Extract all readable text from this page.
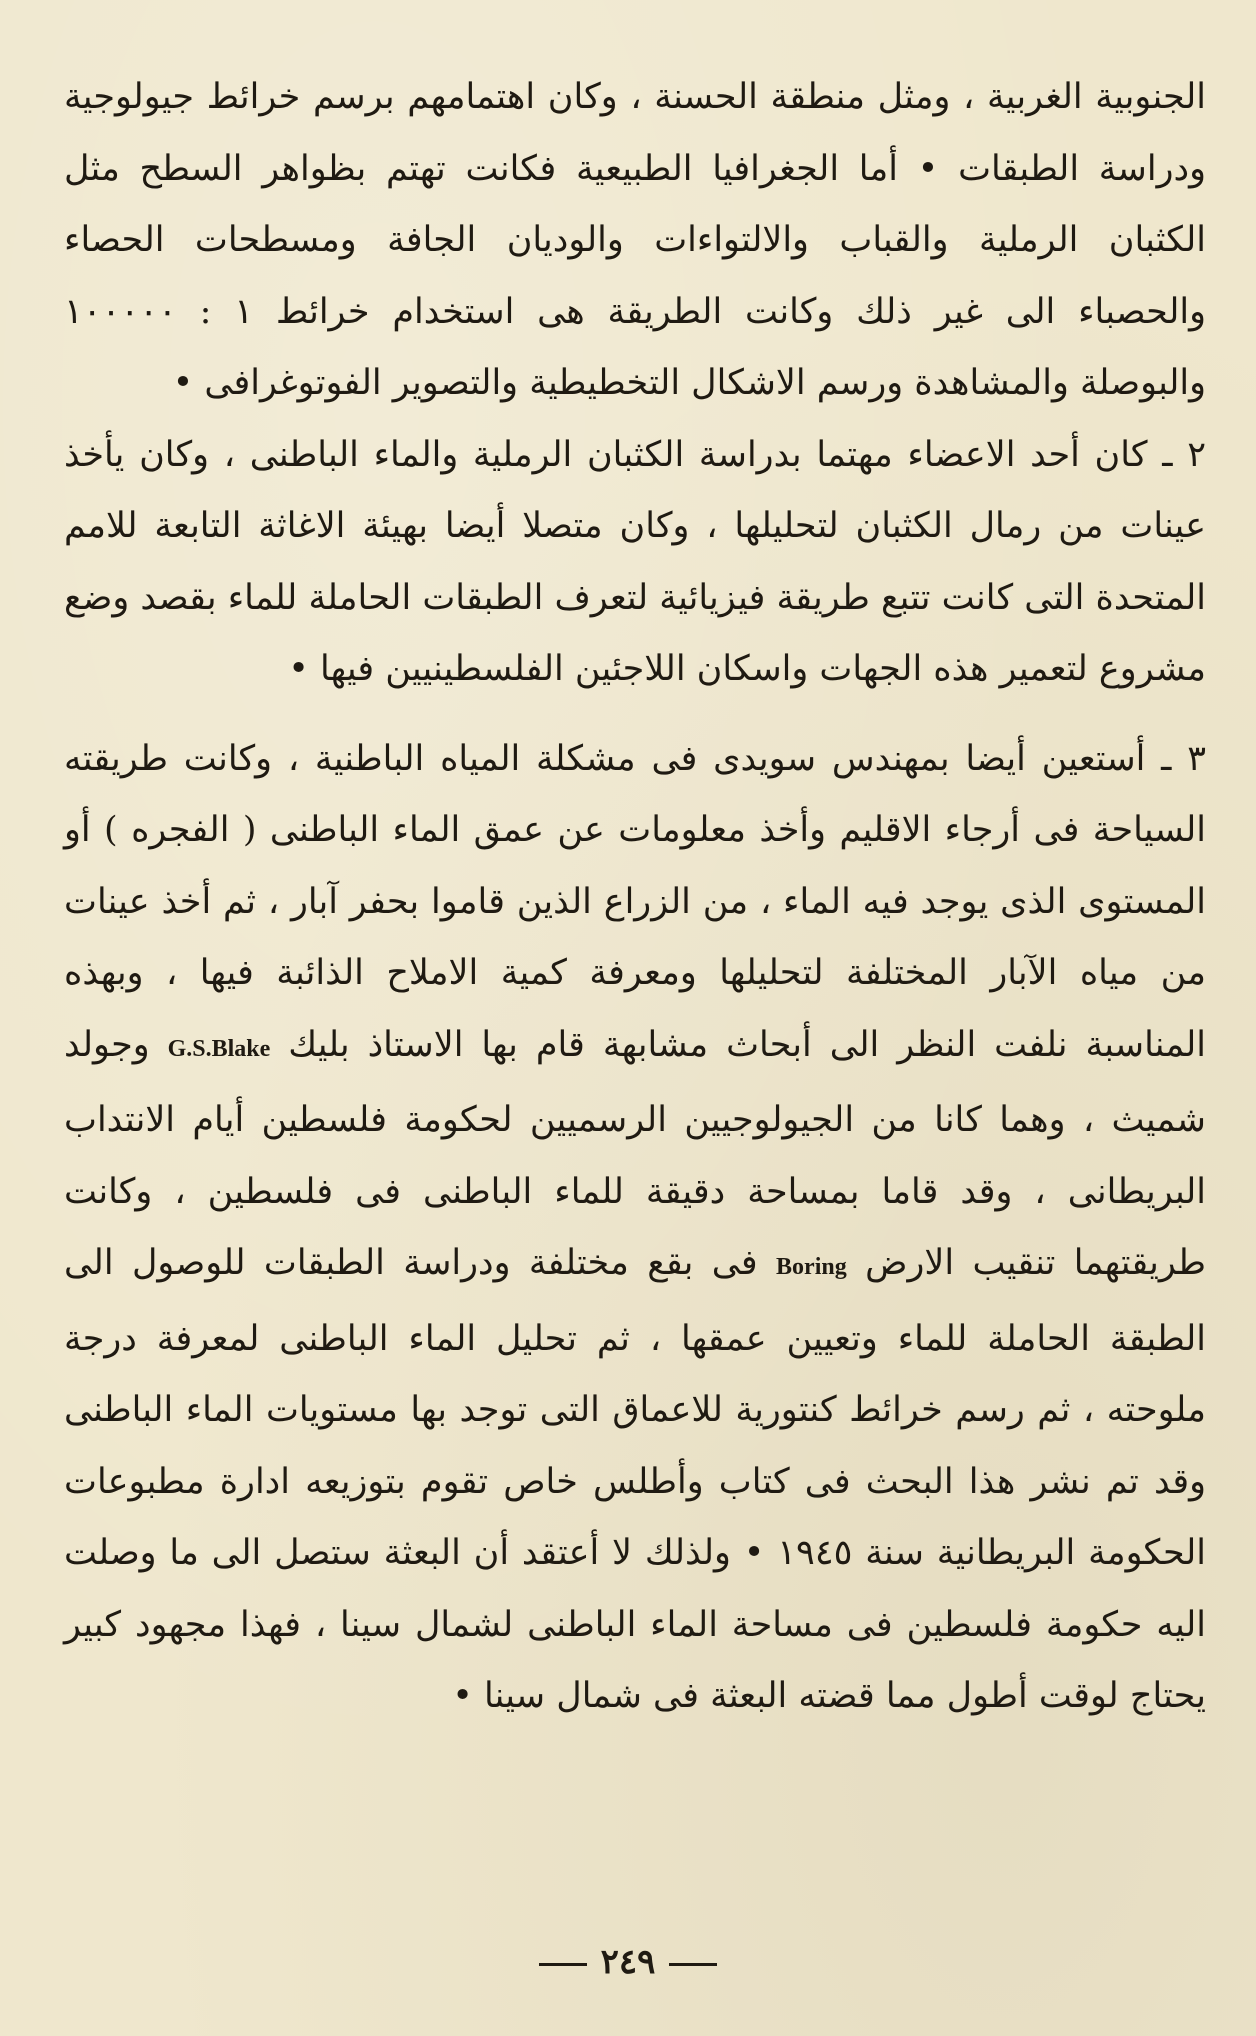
الجنوبية الغربية ، ومثل منطقة الحسنة ، وكان اهتمامهم برسم خرائط جيولوجية ودراسة الطبقات • أما الجغرافيا الطبيعية فكانت تهتم بظواهر السطح مثل الكثبان الرملية والقباب والالتواءات والوديان الجافة ومسطحات الحصاء والحصباء الى غير ذلك وكانت الطريقة هى استخدام خرائط ١ : ١٠٠٠٠٠ والبوصلة والمشاهدة ورسم الاشكال التخطيطية والتصوير الفوتوغرافى •

٢ ـ كان أحد الاعضاء مهتما بدراسة الكثبان الرملية والماء الباطنى ، وكان يأخذ عينات من رمال الكثبان لتحليلها ، وكان متصلا أيضا بهيئة الاغاثة التابعة للامم المتحدة التى كانت تتبع طريقة فيزيائية لتعرف الطبقات الحاملة للماء بقصد وضع مشروع لتعمير هذه الجهات واسكان اللاجئين الفلسطينيين فيها •

٣ ـ أستعين أيضا بمهندس سويدى فى مشكلة المياه الباطنية ، وكانت طريقته السياحة فى أرجاء الاقليم وأخذ معلومات عن عمق الماء الباطنى ( الفجره ) أو المستوى الذى يوجد فيه الماء ، من الزراع الذين قاموا بحفر آبار ، ثم أخذ عينات من مياه الآبار المختلفة لتحليلها ومعرفة كمية الاملاح الذائبة فيها ، وبهذه المناسبة نلفت النظر الى أبحاث مشابهة قام بها الاستاذ بليك G.S.Blake وجولد شميث ، وهما كانا من الجيولوجيين الرسميين لحكومة فلسطين أيام الانتداب البريطانى ، وقد قاما بمساحة دقيقة للماء الباطنى فى فلسطين ، وكانت طريقتهما تنقيب الارض Boring فى بقع مختلفة ودراسة الطبقات للوصول الى الطبقة الحاملة للماء وتعيين عمقها ، ثم تحليل الماء الباطنى لمعرفة درجة ملوحته ، ثم رسم خرائط كنتورية للاعماق التى توجد بها مستويات الماء الباطنى وقد تم نشر هذا البحث فى كتاب وأطلس خاص تقوم بتوزيعه ادارة مطبوعات الحكومة البريطانية سنة ١٩٤٥ • ولذلك لا أعتقد أن البعثة ستصل الى ما وصلت اليه حكومة فلسطين فى مساحة الماء الباطنى لشمال سينا ، فهذا مجهود كبير يحتاج لوقت أطول مما قضته البعثة فى شمال سينا •

٢٤٩
